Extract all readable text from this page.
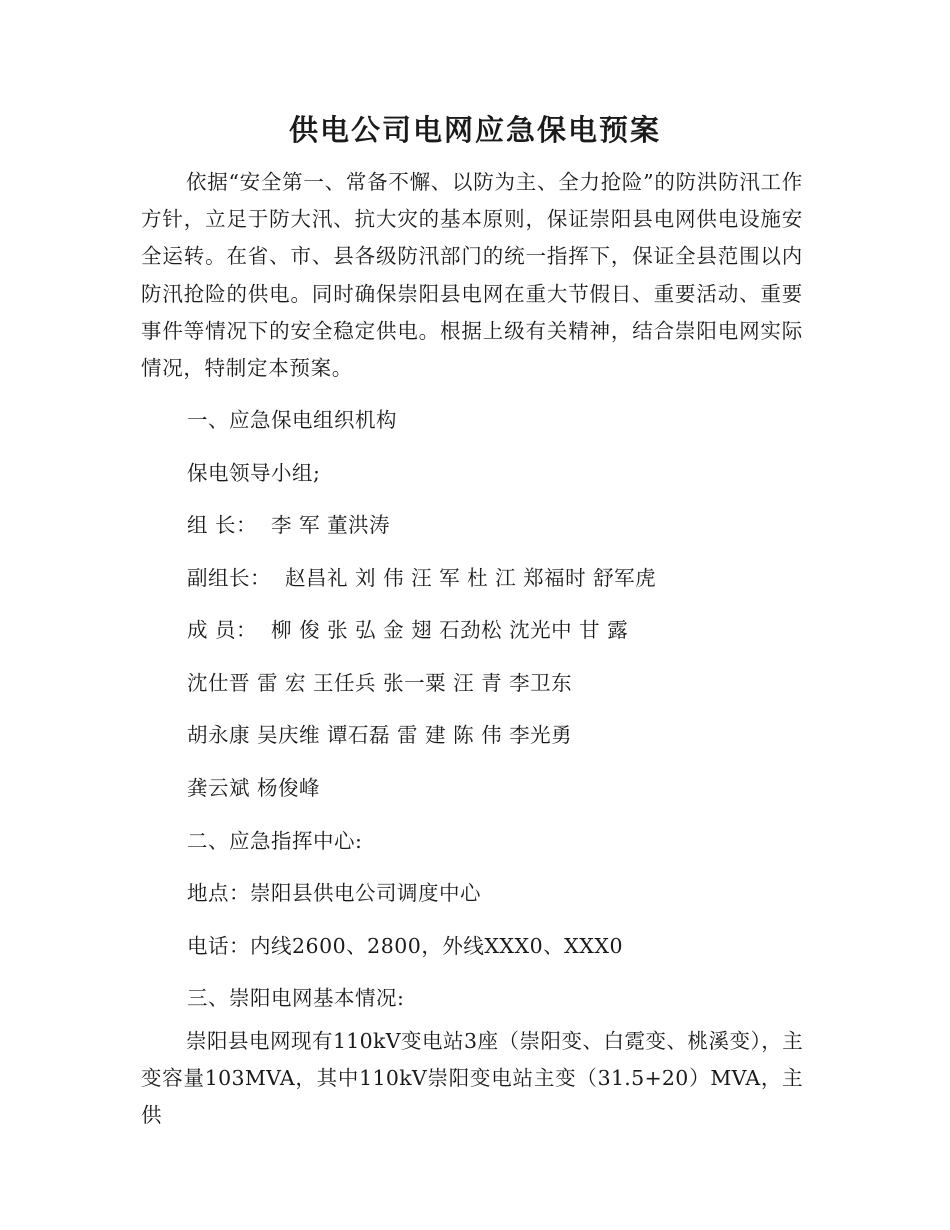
供电公司电网应急保电预案

依据“安全第一、常备不懈、以防为主、全力抢险”的防洪防汛工作方针，立足于防大汛、抗大灾的基本原则，保证崇阳县电网供电设施安全运转。在省、市、县各级防汛部门的统一指挥下，保证全县范围以内防汛抢险的供电。同时确保崇阳县电网在重大节假日、重要活动、重要事件等情况下的安全稳定供电。根据上级有关精神，结合崇阳电网实际情况，特制定本预案。

一、应急保电组织机构

保电领导小组;

组 长：  李 军 董洪涛

副组长：  赵昌礼 刘 伟 汪 军 杜 江 郑福时 舒军虎

成 员：  柳 俊 张 弘 金 翅 石劲松 沈光中 甘 露

沈仕晋 雷 宏 王任兵 张一粟 汪 青 李卫东

胡永康 吴庆维 谭石磊 雷 建 陈 伟 李光勇

龚云斌 杨俊峰

二、应急指挥中心:

地点：崇阳县供电公司调度中心

电话：内线2600、2800，外线XXX0、XXX0

三、崇阳电网基本情况:

崇阳县电网现有110kV变电站3座（崇阳变、白霓变、桃溪变），主变容量103MVA，其中110kV崇阳变电站主变（31.5+20）MVA，主供
